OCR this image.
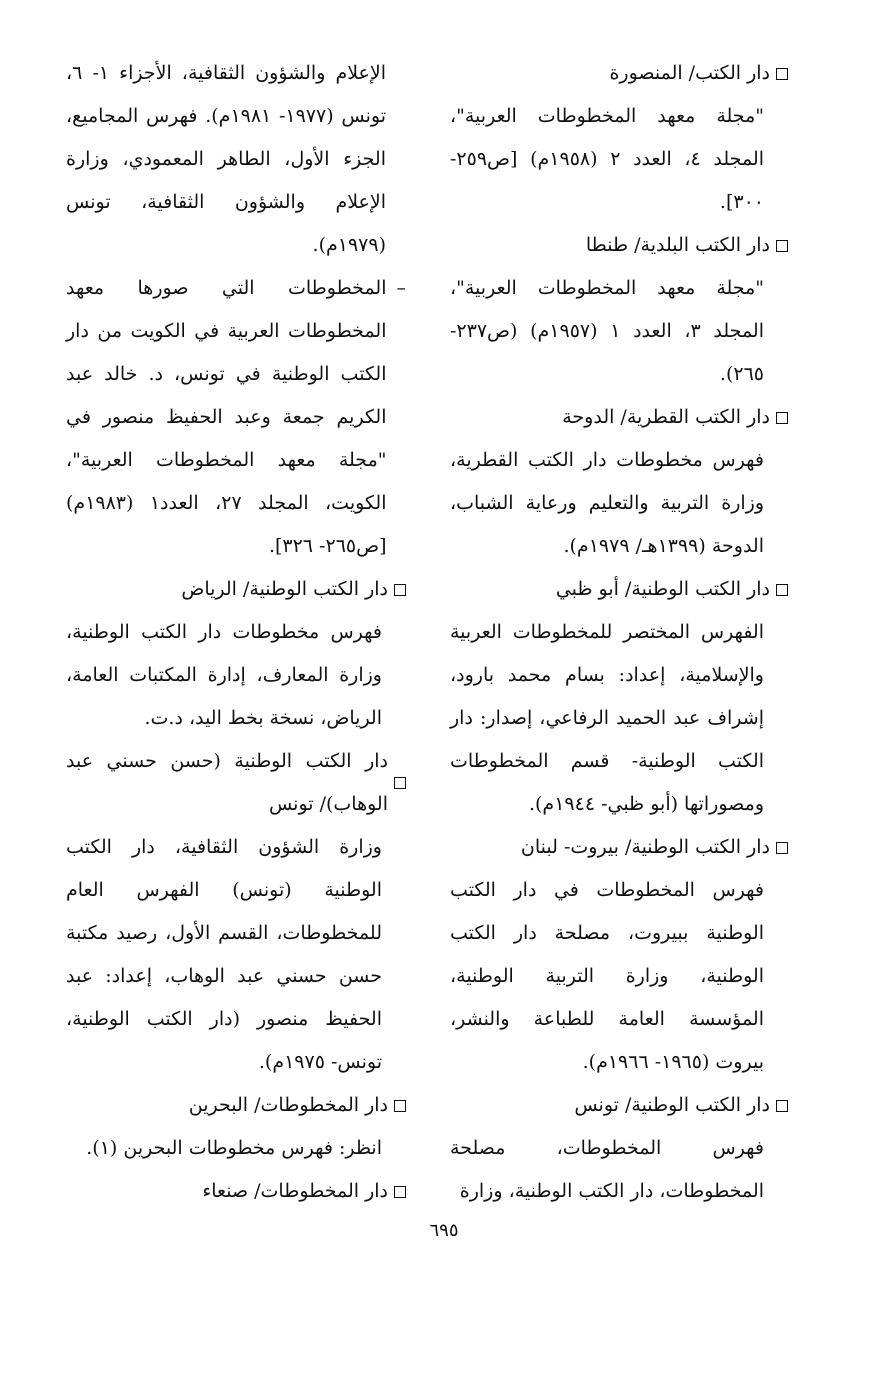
دار الكتب/ المنصورة

"مجلة معهد المخطوطات العربية"، المجلد ٤، العدد ٢ (١٩٥٨م) [ص٢٥٩- ٣٠٠].

دار الكتب البلدية/ طنطا

"مجلة معهد المخطوطات العربية"، المجلد ٣، العدد ١ (١٩٥٧م) (ص٢٣٧- ٢٦٥).

دار الكتب القطرية/ الدوحة

فهرس مخطوطات دار الكتب القطرية، وزارة التربية والتعليم ورعاية الشباب، الدوحة (١٣٩٩هـ/ ١٩٧٩م).

دار الكتب الوطنية/ أبو ظبي

الفهرس المختصر للمخطوطات العربية والإسلامية، إعداد: بسام محمد بارود، إشراف عبد الحميد الرفاعي، إصدار: دار الكتب الوطنية- قسم المخطوطات ومصوراتها (أبو ظبي- ١٩٤٤م).

دار الكتب الوطنية/ بيروت- لبنان

فهرس المخطوطات في دار الكتب الوطنية ببيروت، مصلحة دار الكتب الوطنية، وزارة التربية الوطنية، المؤسسة العامة للطباعة والنشر، بيروت (١٩٦٥- ١٩٦٦م).

دار الكتب الوطنية/ تونس

فهرس المخطوطات، مصلحة المخطوطات، دار الكتب الوطنية، وزارة

الإعلام والشؤون الثقافية، الأجزاء ١- ٦، تونس (١٩٧٧- ١٩٨١م). فهرس المجاميع، الجزء الأول، الطاهر المعمودي، وزارة الإعلام والشؤون الثقافية، تونس (١٩٧٩م).

–
المخطوطات التي صورها معهد المخطوطات العربية في الكويت من دار الكتب الوطنية في تونس، د. خالد عبد الكريم جمعة وعبد الحفيظ منصور في "مجلة معهد المخطوطات العربية"، الكويت، المجلد ٢٧، العدد١ (١٩٨٣م) [ص٢٦٥- ٣٢٦].

دار الكتب الوطنية/ الرياض

فهرس مخطوطات دار الكتب الوطنية، وزارة المعارف، إدارة المكتبات العامة، الرياض، نسخة بخط اليد، د.ت.

دار الكتب الوطنية (حسن حسني عبد الوهاب)/ تونس

وزارة الشؤون الثقافية، دار الكتب الوطنية (تونس) الفهرس العام للمخطوطات، القسم الأول، رصيد مكتبة حسن حسني عبد الوهاب، إعداد: عبد الحفيظ منصور (دار الكتب الوطنية، تونس- ١٩٧٥م).

دار المخطوطات/ البحرين

انظر: فهرس مخطوطات البحرين (١).

دار المخطوطات/ صنعاء

٦٩٥
